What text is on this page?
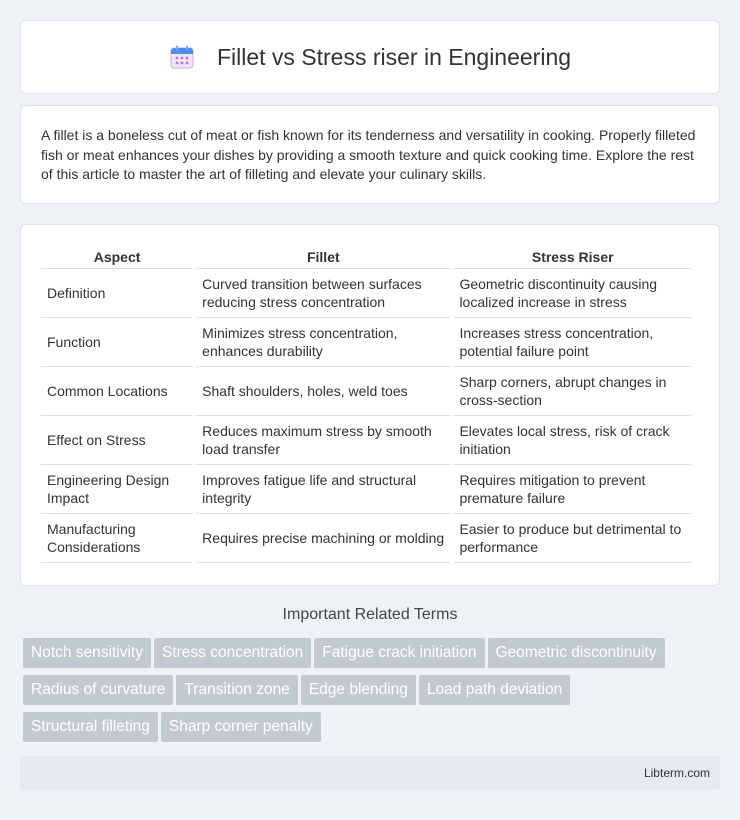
Fillet vs Stress riser in Engineering

A fillet is a boneless cut of meat or fish known for its tenderness and versatility in cooking. Properly filleted fish or meat enhances your dishes by providing a smooth texture and quick cooking time. Explore the rest of this article to master the art of filleting and elevate your culinary skills.

Aspect	Fillet	Stress Riser
Definition	Curved transition between surfaces reducing stress concentration	Geometric discontinuity causing localized increase in stress
Function	Minimizes stress concentration, enhances durability	Increases stress concentration, potential failure point
Common Locations	Shaft shoulders, holes, weld toes	Sharp corners, abrupt changes in cross-section
Effect on Stress	Reduces maximum stress by smooth load transfer	Elevates local stress, risk of crack initiation
Engineering Design Impact	Improves fatigue life and structural integrity	Requires mitigation to prevent premature failure
Manufacturing Considerations	Requires precise machining or molding	Easier to produce but detrimental to performance
Important Related Terms
Notch sensitivity Stress concentration Fatigue crack initiation Geometric discontinuity
Radius of curvature Transition zone Edge blending Load path deviation
Structural filleting Sharp corner penalty
Libterm.com
